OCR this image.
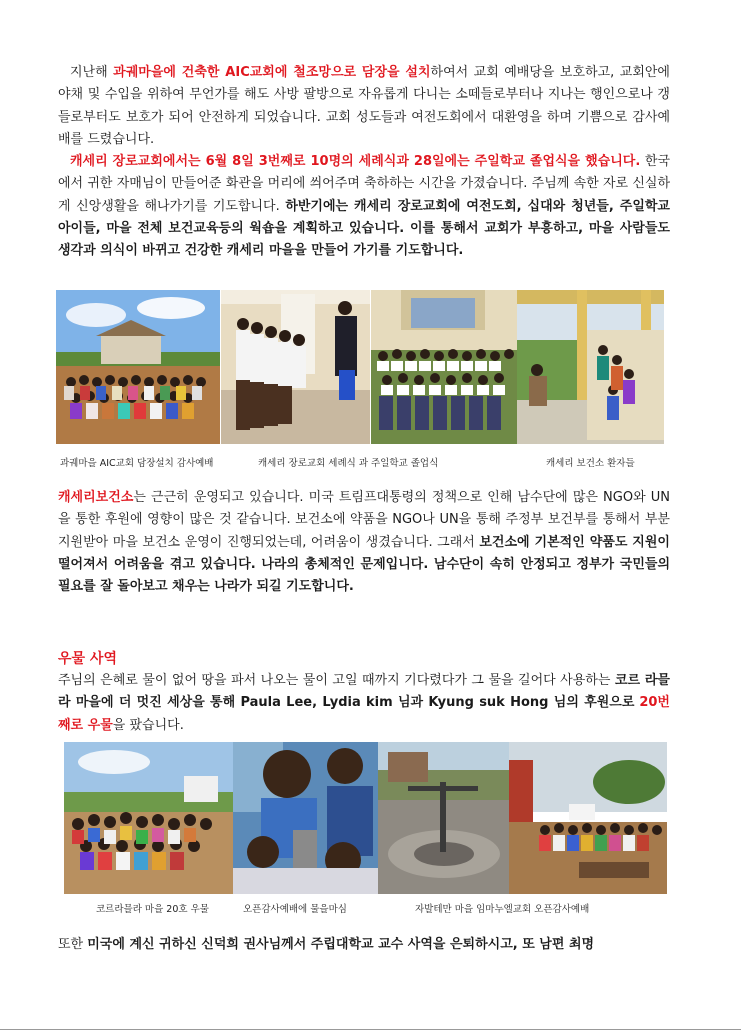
지난해 과궤마을에 건축한 AIC교회에 철조망으로 담장을 설치하여서 교회 예배당을 보호하고, 교회안에 야채 및 수입을 위하여 무언가를 해도 사방 팔방으로 자유롭게 다니는 소떼들로부터나 지나는 행인으로나 갱들로부터도 보호가 되어 안전하게 되었습니다. 교회 성도들과 여전도회에서 대환영을 하며 기쁨으로 감사예배를 드렸습니다.

캐세리 장로교회에서는 6월 8일 3번째로 10명의 세례식과 28일에는 주일학교 졸업식을 했습니다. 한국에서 귀한 자매님이 만들어준 화관을 머리에 씌어주며 축하하는 시간을 가졌습니다. 주님께 속한 자로 신실하게 신앙생활을 해나가기를 기도합니다. 하반기에는 캐세리 장로교회에 여전도회, 십대와 청년들, 주일학교 아이들, 마을 전체 보건교육등의 웍숍을 계획하고 있습니다. 이를 통해서 교회가 부흥하고, 마을 사람들도 생각과 의식이 바뀌고 건강한 캐세리 마을을 만들어 가기를 기도합니다.

과궤마을 AIC교회 담장설치 감사예배	캐세리 장로교회 세례식 과 주일학교 졸업식	캐세리 보건소 환자들

캐세리보건소는 근근히 운영되고 있습니다. 미국 트림프대통령의 정책으로 인해 남수단에 많은 NGO와 UN을 통한 후원에 영향이 많은 것 같습니다. 보건소에 약품을 NGO나 UN을 통해 주정부 보건부를 통해서 부분 지원받아 마을 보건소 운영이 진행되었는데, 어려움이 생겼습니다. 그래서 보건소에 기본적인 약품도 지원이 떨어져서 어려움을 겪고 있습니다. 나라의 총체적인 문제입니다. 남수단이 속히 안정되고 정부가 국민들의 필요를 잘 돌아보고 채우는 나라가 되길 기도합니다.

우물 사역

주님의 은혜로 물이 없어 땅을 파서 나오는 물이 고일 때까지 기다렸다가 그 물을 길어다 사용하는 코르 라믈라 마을에 더 멋진 세상을 통해 Paula Lee, Lydia kim 님과 Kyung suk Hong 님의 후원으로 20번째로 우물을 팠습니다.

코르라믈라 마을 20호 우물	오픈감사예배에 물을마심	자발테만 마을 임마누엘교회 오픈감사예배

또한 미국에 계신 귀하신 신덕희 권사님께서 주립대학교 교수 사역을 은퇴하시고, 또 남편 최명
